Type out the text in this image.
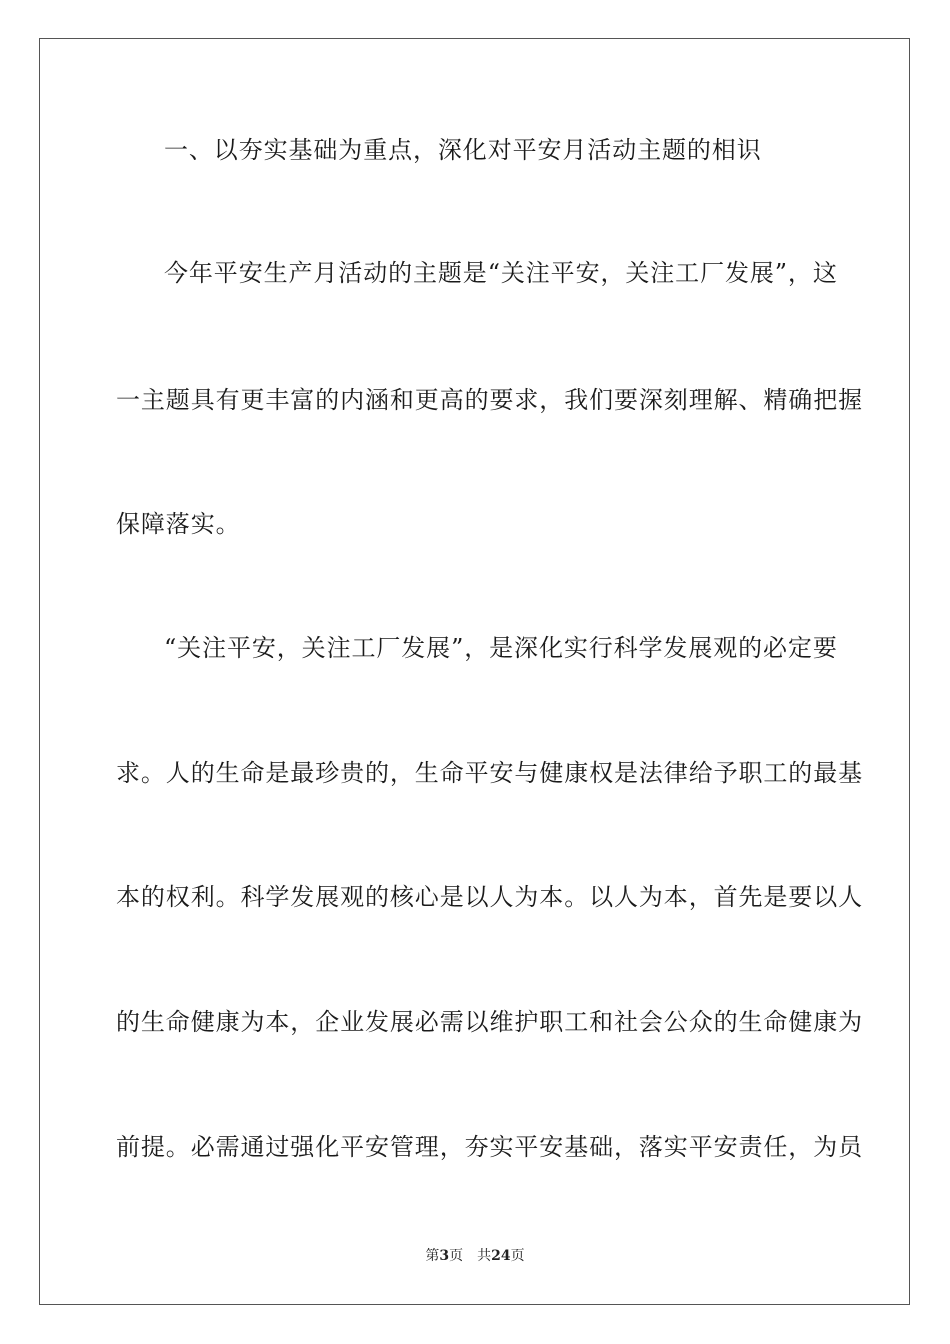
一、以夯实基础为重点，深化对平安月活动主题的相识
今年平安生产月活动的主题是“关注平安，关注工厂发展”，这
一主题具有更丰富的内涵和更高的要求，我们要深刻理解、精确把握
保障落实。
“关注平安，关注工厂发展”，是深化实行科学发展观的必定要
求。人的生命是最珍贵的，生命平安与健康权是法律给予职工的最基
本的权利。科学发展观的核心是以人为本。以人为本，首先是要以人
的生命健康为本，企业发展必需以维护职工和社会公众的生命健康为
前提。必需通过强化平安管理，夯实平安基础，落实平安责任，为员
第3页 共24页
